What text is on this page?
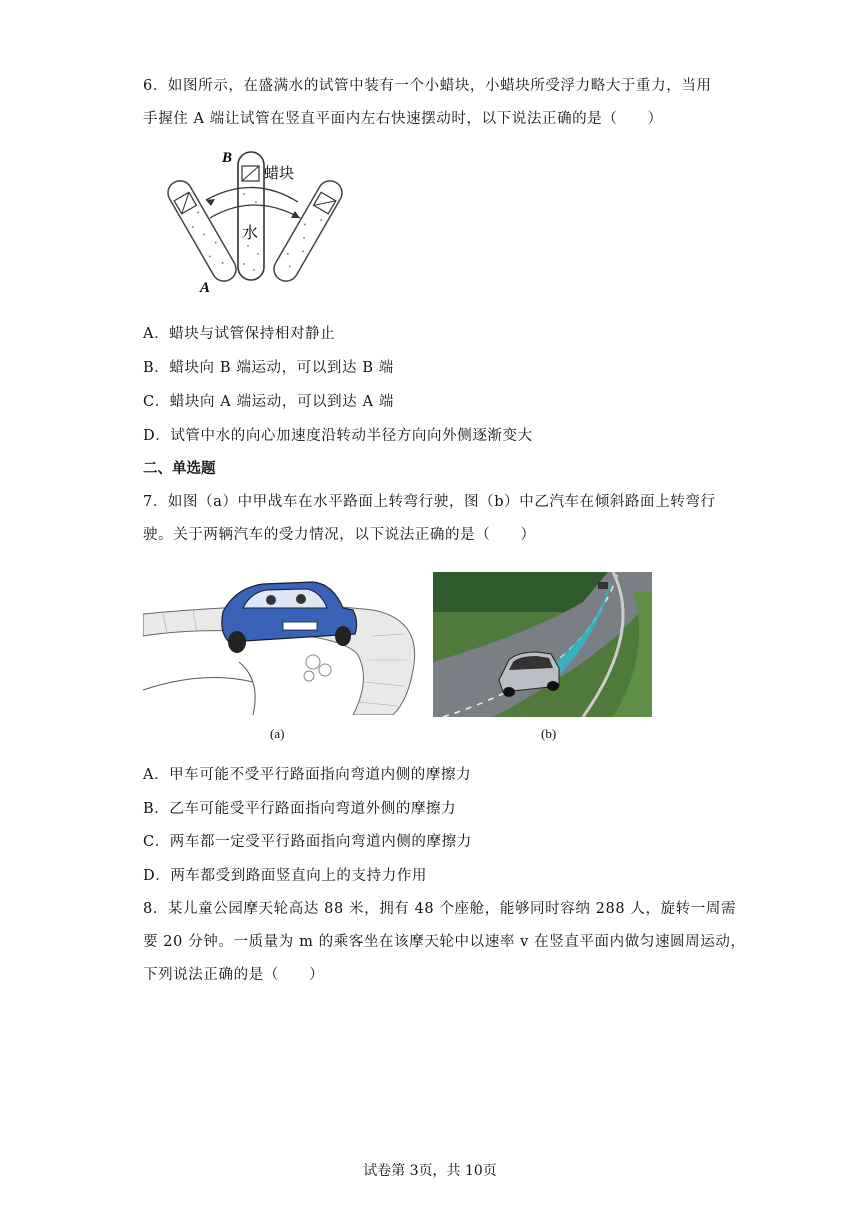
6．如图所示，在盛满水的试管中装有一个小蜡块，小蜡块所受浮力略大于重力，当用
手握住 A 端让试管在竖直平面内左右快速摆动时，以下说法正确的是（　　）
B
蜡块
水
A
A．蜡块与试管保持相对静止
B．蜡块向 B 端运动，可以到达 B 端
C．蜡块向 A 端运动，可以到达 A 端
D．试管中水的向心加速度沿转动半径方向向外侧逐渐变大
二、单选题
7．如图（a）中甲战车在水平路面上转弯行驶，图（b）中乙汽车在倾斜路面上转弯行
驶。关于两辆汽车的受力情况，以下说法正确的是（　　）
(a)	(b)
A．甲车可能不受平行路面指向弯道内侧的摩擦力
B．乙车可能受平行路面指向弯道外侧的摩擦力
C．两车都一定受平行路面指向弯道内侧的摩擦力
D．两车都受到路面竖直向上的支持力作用
8．某儿童公园摩天轮高达 88 米，拥有 48 个座舱，能够同时容纳 288 人，旋转一周需
要 20 分钟。一质量为 m 的乘客坐在该摩天轮中以速率 v 在竖直平面内做匀速圆周运动，
下列说法正确的是（　　）
试卷第 3页，共 10页
